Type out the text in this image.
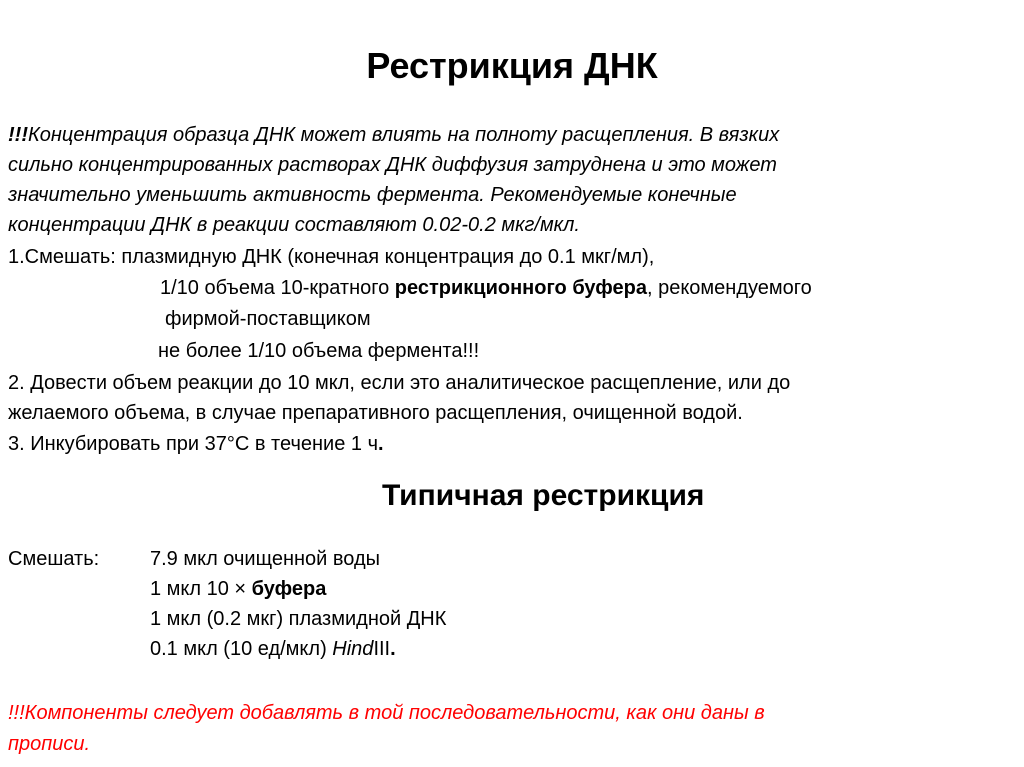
Рестрикция ДНК
!!!Концентрация образца ДНК может влиять на полноту расщепления. В вязких
сильно концентрированных растворах ДНК диффузия затруднена и это может
значительно уменьшить активность фермента. Рекомендуемые конечные
концентрации ДНК в реакции составляют 0.02-0.2 мкг/мкл.
1.Смешать: плазмидную ДНК (конечная концентрация до 0.1 мкг/мл),
1/10 объема 10-кратного рестрикционного буфера, рекомендуемого
фирмой-поставщиком
не более 1/10 объема фермента!!!
2. Довести объем реакции до 10 мкл, если это аналитическое расщепление, или до
желаемого объема, в случае препаративного расщепления, очищенной водой.
3. Инкубировать при 37°С в течение 1 ч.
Типичная рестрикция
Смешать:	7.9 мкл очищенной воды
1 мкл 10 × буфера
1 мкл (0.2 мкг) плазмидной ДНК
0.1 мкл (10 ед/мкл) HindIII.
!!!Компоненты следует добавлять в той последовательности, как они даны в
прописи.
